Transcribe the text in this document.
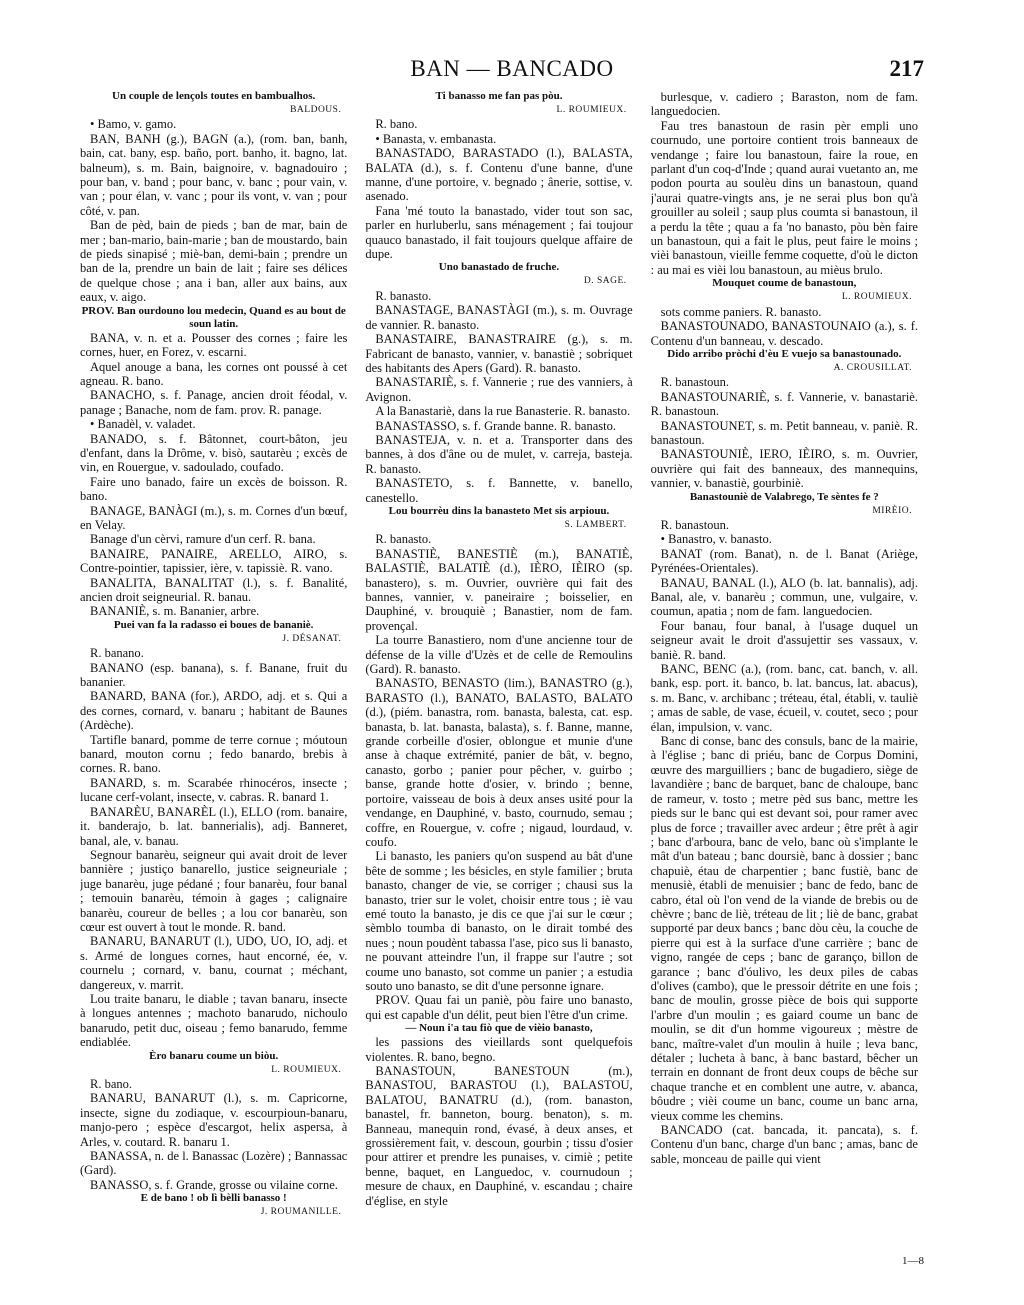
BAN — BANCADO	217

Un couple de lençols toutes en bambualhos.

BALDOUS.

• Bamo, v. gamo.

BAN, BANH (g.), BAGN (a.), (rom. ban, banh, bain, cat. bany, esp. baño, port. banho, it. bagno, lat. balneum), s. m. Bain, baignoire, v. bagnadouiro ; pour ban, v. band ; pour banc, v. banc ; pour vain, v. van ; pour élan, v. vanc ; pour ils vont, v. van ; pour côté, v. pan.

Ban de pèd, bain de pieds ; ban de mar, bain de mer ; ban-mario, bain-marie ; ban de moustardo, bain de pieds sinapisé ; miè-ban, demi-bain ; prendre un ban de la, prendre un bain de lait ; faire ses délices de quelque chose ; ana i ban, aller aux bains, aux eaux, v. aigo.

PROV. Ban ourdouno lou medecin, Quand es au bout de soun latin.

BANA, v. n. et a. Pousser des cornes ; faire les cornes, huer, en Forez, v. escarni.

Aquel anouge a bana, les cornes ont poussé à cet agneau. R. bano.

BANACHO, s. f. Panage, ancien droit féodal, v. panage ; Banache, nom de fam. prov. R. panage.

• Banadèl, v. valadet.

BANADO, s. f. Bâtonnet, court-bâton, jeu d'enfant, dans la Drôme, v. bisò, sautarèu ; excès de vin, en Rouergue, v. sadoulado, coufado.

Faire uno banado, faire un excès de boisson. R. bano.

BANAGE, BANÀGI (m.), s. m. Cornes d'un bœuf, en Velay.

Banage d'un cèrvi, ramure d'un cerf. R. bana.

BANAIRE, PANAIRE, ARELLO, AIRO, s. Contre-pointier, tapissier, ière, v. tapissiè. R. vano.

BANALITA, BANALITAT (l.), s. f. Banalité, ancien droit seigneurial. R. banau.

BANANIÈ, s. m. Bananier, arbre.

Puei van fa la radasso ei boues de bananiè.

J. DÉSANAT.

R. banano.

BANANO (esp. banana), s. f. Banane, fruit du bananier.

BANARD, BANA (for.), ARDO, adj. et s. Qui a des cornes, cornard, v. banaru ; habitant de Baunes (Ardèche).

Tartifle banard, pomme de terre cornue ; móutoun banard, mouton cornu ; fedo banardo, brebis à cornes. R. bano.

BANARD, s. m. Scarabée rhinocéros, insecte ; lucane cerf-volant, insecte, v. cabras. R. banard 1.

BANARÈU, BANARÈL (l.), ELLO (rom. banaire, it. banderajo, b. lat. bannerialis), adj. Banneret, banal, ale, v. banau.

Segnour banarèu, seigneur qui avait droit de lever bannière ; justiço banarello, justice seigneuriale ; juge banarèu, juge pédané ; four banarèu, four banal ; temouin banarèu, témoin à gages ; calignaire banarèu, coureur de belles ; a lou cor banarèu, son cœur est ouvert à tout le monde. R. band.

BANARU, BANARUT (l.), UDO, UO, IO, adj. et s. Armé de longues cornes, haut encorné, ée, v. cournelu ; cornard, v. banu, cournat ; méchant, dangereux, v. marrit.

Lou traite banaru, le diable ; tavan banaru, insecte à longues antennes ; machoto banarudo, nichoulo banarudo, petit duc, oiseau ; femo banarudo, femme endiablée.

Èro banaru coume un biòu.

L. ROUMIEUX.

R. bano.

BANARU, BANARUT (l.), s. m. Capricorne, insecte, signe du zodiaque, v. escourpioun-banaru, manjo-pero ; espèce d'escargot, helix aspersa, à Arles, v. coutard. R. banaru 1.

BANASSA, n. de l. Banassac (Lozère) ; Bannassac (Gard).

BANASSO, s. f. Grande, grosse ou vilaine corne.

E de bano ! ob lì bèlli banasso !

J. ROUMANILLE.

Ti banasso me fan pas pòu.

L. ROUMIEUX.

R. bano.

• Banasta, v. embanasta.

BANASTADO, BARASTADO (l.), BALASTA, BALATA (d.), s. f. Contenu d'une banne, d'une manne, d'une portoire, v. begnado ; ânerie, sottise, v. asenado.

Fana 'mé touto la banastado, vider tout son sac, parler en hurluberlu, sans ménagement ; fai toujour quauco banastado, il fait toujours quelque affaire de dupe.

Uno banastado de fruche.

D. SAGE.

R. banasto.

BANASTAGE, BANASTÀGI (m.), s. m. Ouvrage de vannier. R. banasto.

BANASTAIRE, BANASTRAIRE (g.), s. m. Fabricant de banasto, vannier, v. banastiè ; sobriquet des habitants des Apers (Gard). R. banasto.

BANASTARIÈ, s. f. Vannerie ; rue des vanniers, à Avignon.

A la Banastariè, dans la rue Banasterie. R. banasto.

BANASTASSO, s. f. Grande banne. R. banasto.

BANASTEJA, v. n. et a. Transporter dans des bannes, à dos d'âne ou de mulet, v. carreja, basteja. R. banasto.

BANASTETO, s. f. Bannette, v. banello, canestello.

Lou bourrèu dins la banasteto Met sis arpiouu.

S. LAMBERT.

R. banasto.

BANASTIÈ, BANESTIÈ (m.), BANATIÈ, BALASTIÈ, BALATIÈ (d.), IÈRO, IÈIRO (sp. banastero), s. m. Ouvrier, ouvrière qui fait des bannes, vannier, v. paneiraire ; boisselier, en Dauphiné, v. brouquiè ; Banastier, nom de fam. provençal.

La tourre Banastiero, nom d'une ancienne tour de défense de la ville d'Uzès et de celle de Remoulins (Gard). R. banasto.

BANASTO, BENASTO (lim.), BANASTRO (g.), BARASTO (l.), BANATO, BALASTO, BALATO (d.), (piém. banastra, rom. banasta, balesta, cat. esp. banasta, b. lat. banasta, balasta), s. f. Banne, manne, grande corbeille d'osier, oblongue et munie d'une anse à chaque extrémité, panier de bât, v. begno, canasto, gorbo ; panier pour pêcher, v. guirbo ; banse, grande hotte d'osier, v. brindo ; benne, portoire, vaisseau de bois à deux anses usité pour la vendange, en Dauphiné, v. basto, cournudo, semau ; coffre, en Rouergue, v. cofre ; nigaud, lourdaud, v. coufo.

Li banasto, les paniers qu'on suspend au bât d'une bête de somme ; les bésicles, en style familier ; bruta banasto, changer de vie, se corriger ; chausi sus la banasto, trier sur le volet, choisir entre tous ; iè vau emé touto la banasto, je dis ce que j'ai sur le cœur ; sèmblo toumba di banasto, on le dirait tombé des nues ; noun poudènt tabassa l'ase, pico sus li banasto, ne pouvant atteindre l'un, il frappe sur l'autre ; sot coume uno banasto, sot comme un panier ; a estudia souto uno banasto, se dit d'une personne ignare.

PROV. Quau fai un paniè, pòu faire uno banasto, qui est capable d'un délit, peut bien l'être d'un crime.

— Noun i'a tau fiò que de vièio banasto,

les passions des vieillards sont quelquefois violentes. R. bano, begno.

BANASTOUN, BANESTOUN (m.), BANASTOU, BARASTOU (l.), BALASTOU, BALATOU, BANATRU (d.), (rom. banaston, banastel, fr. banneton, bourg. benaton), s. m. Banneau, manequin rond, évasé, à deux anses, et grossièrement fait, v. descoun, gourbin ; tissu d'osier pour attirer et prendre les punaises, v. cimiè ; petite benne, baquet, en Languedoc, v. cournudoun ; mesure de chaux, en Dauphiné, v. escandau ; chaire d'église, en style

burlesque, v. cadiero ; Baraston, nom de fam. languedocien.

Fau tres banastoun de rasin pèr empli uno cournudo, une portoire contient trois banneaux de vendange ; faire lou banastoun, faire la roue, en parlant d'un coq-d'Inde ; quand aurai vuetanto an, me podon pourta au soulèu dins un banastoun, quand j'aurai quatre-vingts ans, je ne serai plus bon qu'à grouiller au soleil ; saup plus coumta si banastoun, il a perdu la tête ; quau a fa 'no banasto, pòu bèn faire un banastoun, qui a fait le plus, peut faire le moins ; vièi banastoun, vieille femme coquette, d'où le dicton : au mai es vièi lou banastoun, au mièus brulo.

Mouquet coume de banastoun,

L. ROUMIEUX.

sots comme paniers. R. banasto.

BANASTOUNADO, BANASTOUNAIO (a.), s. f. Contenu d'un banneau, v. descado.

Dido arribo pròchi d'èu E vuejo sa banastounado.

A. CROUSILLAT.

R. banastoun.

BANASTOUNARIÈ, s. f. Vannerie, v. banastariè. R. banastoun.

BANASTOUNET, s. m. Petit banneau, v. paniè. R. banastoun.

BANASTOUNIÈ, IERO, IÈIRO, s. m. Ouvrier, ouvrière qui fait des banneaux, des mannequins, vannier, v. banastiè, gourbiniè.

Banastouniè de Valabrego, Te sèntes fe ?

MIRÈIO.

R. banastoun.

• Banastro, v. banasto.

BANAT (rom. Banat), n. de l. Banat (Ariège, Pyrénées-Orientales).

BANAU, BANAL (l.), ALO (b. lat. bannalis), adj. Banal, ale, v. banarèu ; commun, une, vulgaire, v. coumun, apatia ; nom de fam. languedocien.

Four banau, four banal, à l'usage duquel un seigneur avait le droit d'assujettir ses vassaux, v. baniè. R. band.

BANC, BENC (a.), (rom. banc, cat. banch, v. all. bank, esp. port. it. banco, b. lat. bancus, lat. abacus), s. m. Banc, v. archibanc ; tréteau, étal, établi, v. tauliè ; amas de sable, de vase, écueil, v. coutet, seco ; pour élan, impulsion, v. vanc.

Banc di conse, banc des consuls, banc de la mairie, à l'église ; banc di priéu, banc de Corpus Domini, œuvre des marguilliers ; banc de bugadiero, siège de lavandière ; banc de barquet, banc de chaloupe, banc de rameur, v. tosto ; metre pèd sus banc, mettre les pieds sur le banc qui est devant soi, pour ramer avec plus de force ; travailler avec ardeur ; être prêt à agir ; banc d'arboura, banc de velo, banc où s'implante le mât d'un bateau ; banc doursiè, banc à dossier ; banc chapuiè, étau de charpentier ; banc fustiè, banc de menusiè, établi de menuisier ; banc de fedo, banc de cabro, étal où l'on vend de la viande de brebis ou de chèvre ; banc de liè, tréteau de lit ; liè de banc, grabat supporté par deux bancs ; banc dòu cèu, la couche de pierre qui est à la surface d'une carrière ; banc de vigno, rangée de ceps ; banc de garanço, billon de garance ; banc d'óulivo, les deux piles de cabas d'olives (cambo), que le pressoir détrite en une fois ; banc de moulin, grosse pièce de bois qui supporte l'arbre d'un moulin ; es gaiard coume un banc de moulin, se dit d'un homme vigoureux ; mèstre de banc, maître-valet d'un moulin à huile ; leva banc, détaler ; lucheta à banc, à banc bastard, bêcher un terrain en donnant de front deux coups de bêche sur chaque tranche et en comblent une autre, v. abanca, bôudre ; vièi coume un banc, coume un banc arna, vieux comme les chemins.

BANCADO (cat. bancada, it. pancata), s. f. Contenu d'un banc, charge d'un banc ; amas, banc de sable, monceau de paille qui vient

1—8
